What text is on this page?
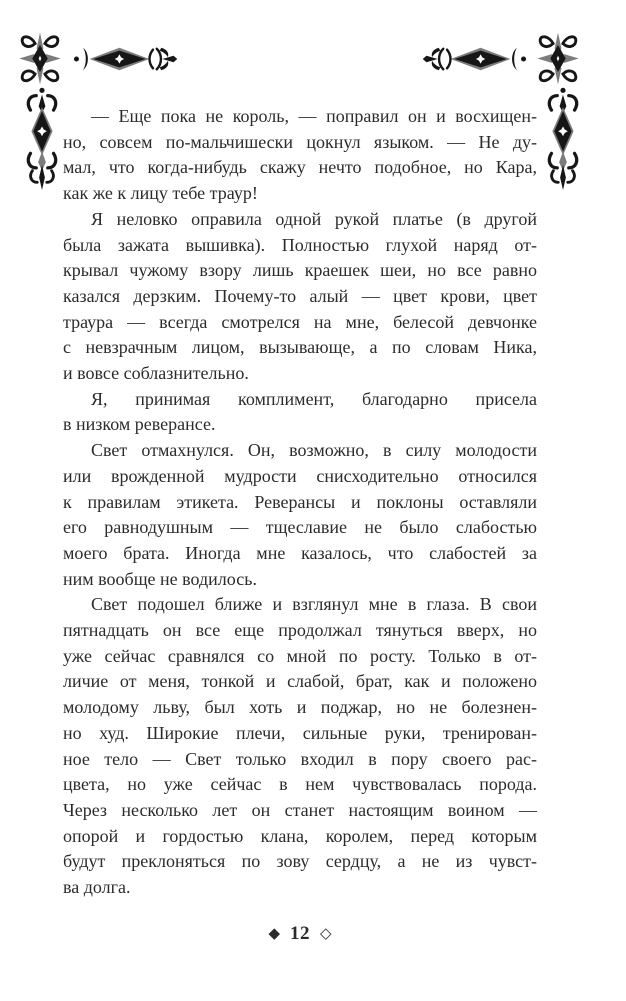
— Еще пока не король, — поправил он и восхищен-
но, совсем по-мальчишески цокнул языком. — Не ду-
мал, что когда-нибудь скажу нечто подобное, но Кара,
как же к лицу тебе траур!
Я неловко оправила одной рукой платье (в другой
была зажата вышивка). Полностью глухой наряд от-
крывал чужому взору лишь краешек шеи, но все равно
казался дерзким. Почему-то алый — цвет крови, цвет
траура — всегда смотрелся на мне, белесой девчонке
с невзрачным лицом, вызывающе, а по словам Ника,
и вовсе соблазнительно.
Я, принимая комплимент, благодарно присела
в низком реверансе.
Свет отмахнулся. Он, возможно, в силу молодости
или врожденной мудрости снисходительно относился
к правилам этикета. Реверансы и поклоны оставляли
его равнодушным — тщеславие не было слабостью
моего брата. Иногда мне казалось, что слабостей за
ним вообще не водилось.
Свет подошел ближе и взглянул мне в глаза. В свои
пятнадцать он все еще продолжал тянуться вверх, но
уже сейчас сравнялся со мной по росту. Только в от-
личие от меня, тонкой и слабой, брат, как и положено
молодому льву, был хоть и поджар, но не болезнен-
но худ. Широкие плечи, сильные руки, тренирован-
ное тело — Свет только входил в пору своего рас-
цвета, но уже сейчас в нем чувствовалась порода.
Через несколько лет он станет настоящим воином —
опорой и гордостью клана, королем, перед которым
будут преклоняться по зову сердцу, а не из чувст-
ва долга.
◆ 12 ◇
